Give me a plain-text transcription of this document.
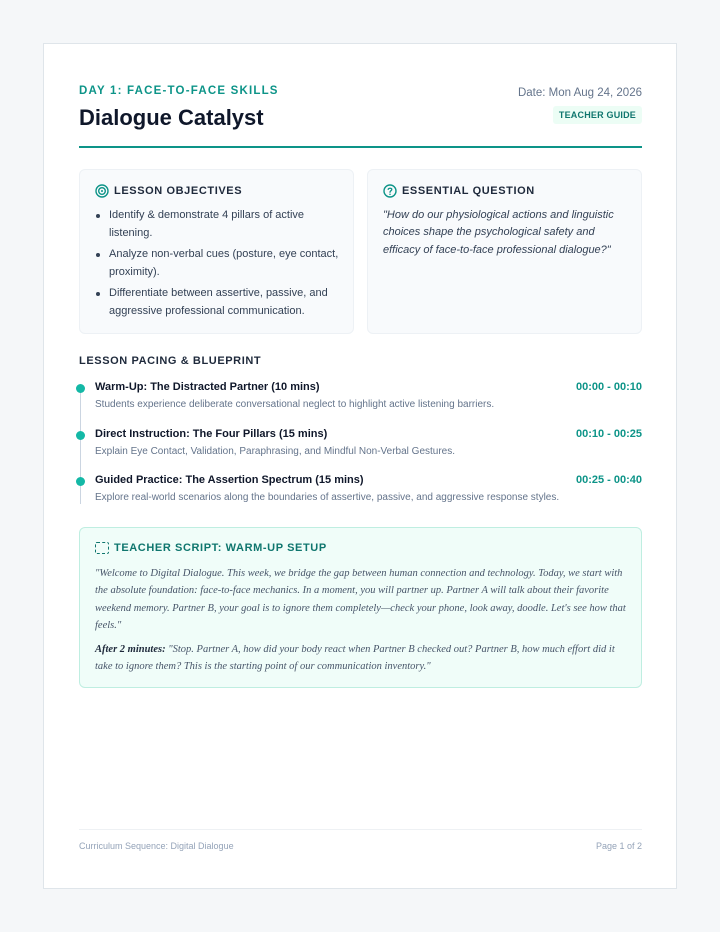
DAY 1: FACE-TO-FACE SKILLS
Dialogue Catalyst
Date: Mon Aug 24, 2026
TEACHER GUIDE
LESSON OBJECTIVES
Identify & demonstrate 4 pillars of active listening.
Analyze non-verbal cues (posture, eye contact, proximity).
Differentiate between assertive, passive, and aggressive professional communication.
ESSENTIAL QUESTION
"How do our physiological actions and linguistic choices shape the psychological safety and efficacy of face-to-face professional dialogue?"
LESSON PACING & BLUEPRINT
Warm-Up: The Distracted Partner (10 mins)	00:00 - 00:10
Students experience deliberate conversational neglect to highlight active listening barriers.
Direct Instruction: The Four Pillars (15 mins)	00:10 - 00:25
Explain Eye Contact, Validation, Paraphrasing, and Mindful Non-Verbal Gestures.
Guided Practice: The Assertion Spectrum (15 mins)	00:25 - 00:40
Explore real-world scenarios along the boundaries of assertive, passive, and aggressive response styles.
TEACHER SCRIPT: WARM-UP SETUP

"Welcome to Digital Dialogue. This week, we bridge the gap between human connection and technology. Today, we start with the absolute foundation: face-to-face mechanics. In a moment, you will partner up. Partner A will talk about their favorite weekend memory. Partner B, your goal is to ignore them completely—check your phone, look away, doodle. Let's see how that feels."

After 2 minutes: "Stop. Partner A, how did your body react when Partner B checked out? Partner B, how much effort did it take to ignore them? This is the starting point of our communication inventory."

Curriculum Sequence: Digital Dialogue	Page 1 of 2
